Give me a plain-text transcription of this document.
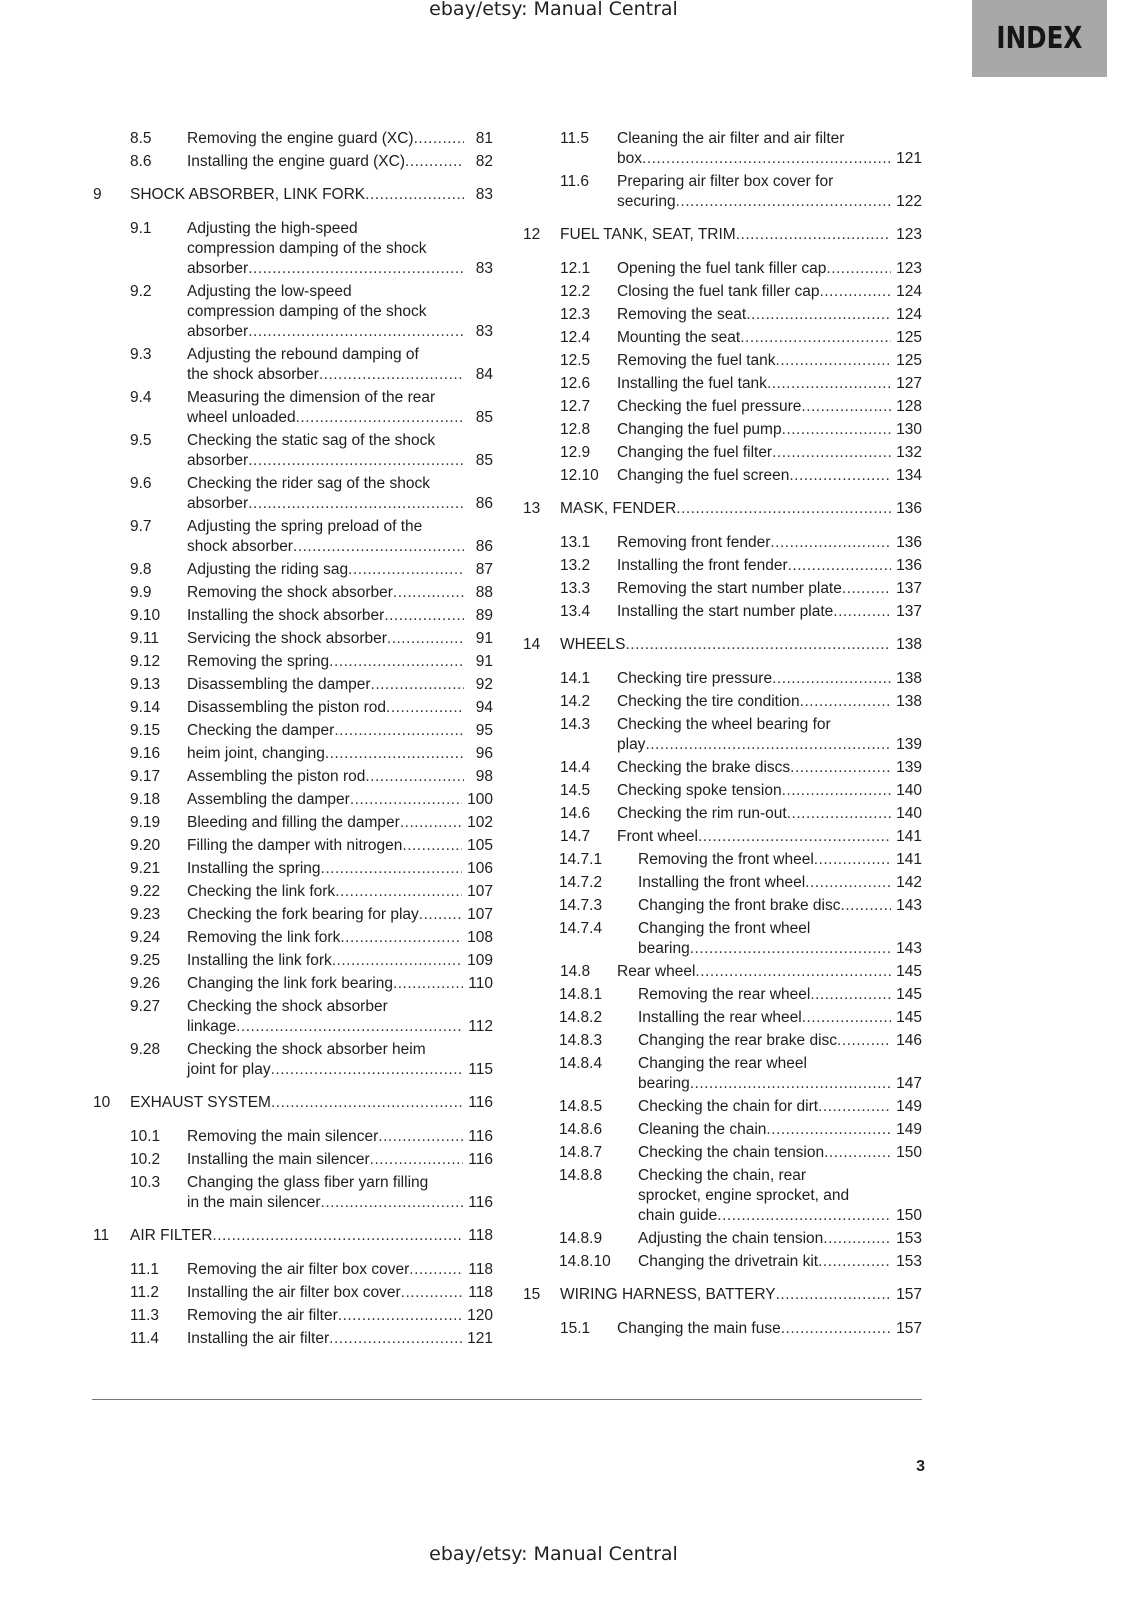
ebay/etsy: Manual Central
INDEX
8.5 Removing the engine guard (XC) .....	81
8.6 Installing the engine guard (XC) .....	82
9 SHOCK ABSORBER, LINK FORK .....	83
9.1 Adjusting the high-speed
compression damping of the shock
absorber .....	83
9.2 Adjusting the low-speed
compression damping of the shock
absorber .....	83
9.3 Adjusting the rebound damping of
the shock absorber .....	84
9.4 Measuring the dimension of the rear
wheel unloaded .....	85
9.5 Checking the static sag of the shock
absorber .....	85
9.6 Checking the rider sag of the shock
absorber .....	86
9.7 Adjusting the spring preload of the
shock absorber .....	86
9.8 Adjusting the riding sag .....	87
9.9 Removing the shock absorber .....	88
9.10 Installing the shock absorber .....	89
9.11 Servicing the shock absorber .....	91
9.12 Removing the spring .....	91
9.13 Disassembling the damper .....	92
9.14 Disassembling the piston rod .....	94
9.15 Checking the damper .....	95
9.16 heim joint, changing .....	96
9.17 Assembling the piston rod .....	98
9.18 Assembling the damper .....	100
9.19 Bleeding and filling the damper .....	102
9.20 Filling the damper with nitrogen .....	105
9.21 Installing the spring .....	106
9.22 Checking the link fork .....	107
9.23 Checking the fork bearing for play .....	107
9.24 Removing the link fork .....	108
9.25 Installing the link fork .....	109
9.26 Changing the link fork bearing .....	110
9.27 Checking the shock absorber
linkage .....	112
9.28 Checking the shock absorber heim
joint for play .....	115
10 EXHAUST SYSTEM .....	116
10.1 Removing the main silencer .....	116
10.2 Installing the main silencer .....	116
10.3 Changing the glass fiber yarn filling
in the main silencer .....	116
11 AIR FILTER .....	118
11.1 Removing the air filter box cover .....	118
11.2 Installing the air filter box cover .....	118
11.3 Removing the air filter .....	120
11.4 Installing the air filter .....	121
11.5 Cleaning the air filter and air filter
box .....	121
11.6 Preparing air filter box cover for
securing .....	122
12 FUEL TANK, SEAT, TRIM .....	123
12.1 Opening the fuel tank filler cap .....	123
12.2 Closing the fuel tank filler cap .....	124
12.3 Removing the seat .....	124
12.4 Mounting the seat .....	125
12.5 Removing the fuel tank .....	125
12.6 Installing the fuel tank .....	127
12.7 Checking the fuel pressure .....	128
12.8 Changing the fuel pump .....	130
12.9 Changing the fuel filter .....	132
12.10 Changing the fuel screen .....	134
13 MASK, FENDER .....	136
13.1 Removing front fender .....	136
13.2 Installing the front fender .....	136
13.3 Removing the start number plate .....	137
13.4 Installing the start number plate .....	137
14 WHEELS .....	138
14.1 Checking tire pressure .....	138
14.2 Checking the tire condition .....	138
14.3 Checking the wheel bearing for
play .....	139
14.4 Checking the brake discs .....	139
14.5 Checking spoke tension .....	140
14.6 Checking the rim run-out .....	140
14.7 Front wheel .....	141
14.7.1 Removing the front wheel .....	141
14.7.2 Installing the front wheel .....	142
14.7.3 Changing the front brake disc .....	143
14.7.4 Changing the front wheel
bearing .....	143
14.8 Rear wheel .....	145
14.8.1 Removing the rear wheel .....	145
14.8.2 Installing the rear wheel .....	145
14.8.3 Changing the rear brake disc .....	146
14.8.4 Changing the rear wheel
bearing .....	147
14.8.5 Checking the chain for dirt .....	149
14.8.6 Cleaning the chain .....	149
14.8.7 Checking the chain tension .....	150
14.8.8 Checking the chain, rear
sprocket, engine sprocket, and
chain guide .....	150
14.8.9 Adjusting the chain tension .....	153
14.8.10 Changing the drivetrain kit .....	153
15 WIRING HARNESS, BATTERY .....	157
15.1 Changing the main fuse .....	157
3
ebay/etsy: Manual Central
